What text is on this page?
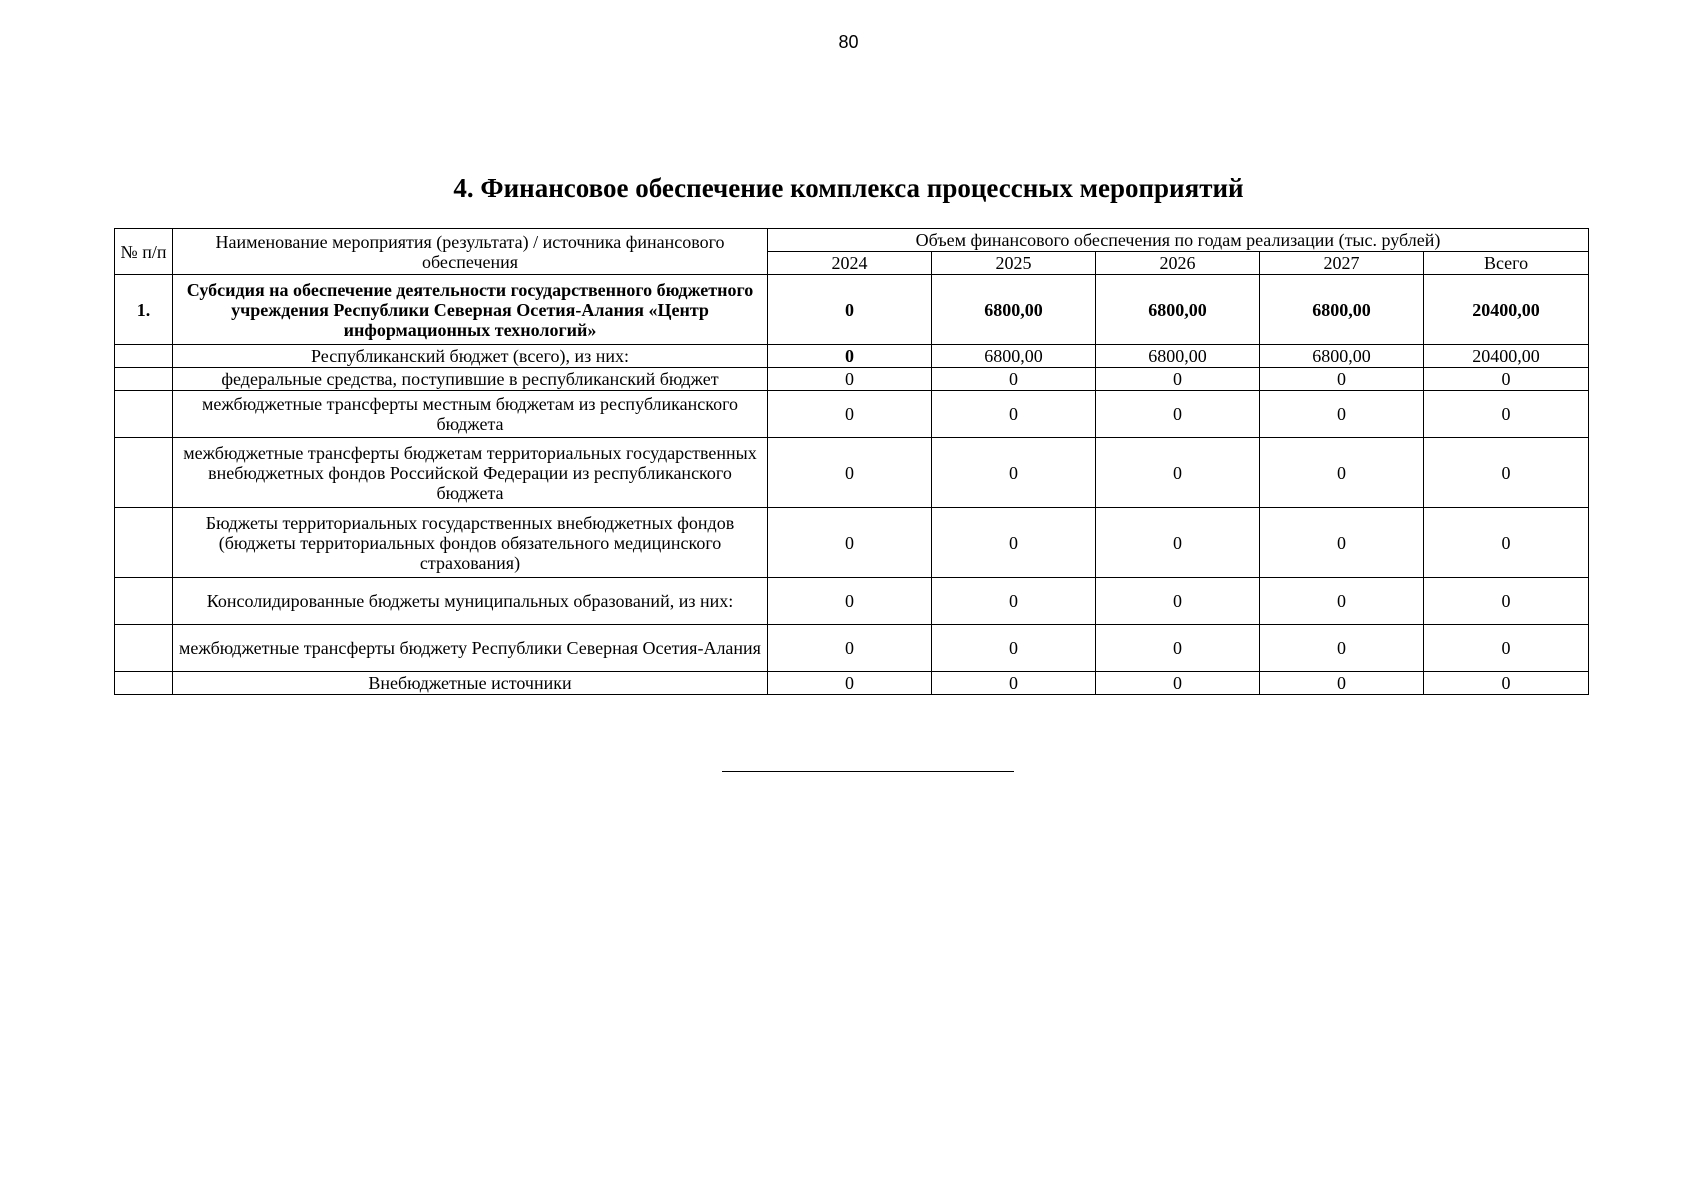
80
4. Финансовое обеспечение комплекса процессных мероприятий
№ п/п	Наименование мероприятия (результата) / источника финансового обеспечения	Объем финансового обеспечения по годам реализации (тыс. рублей)				
		2024	2025	2026	2027	Всего
1.	Субсидия на обеспечение деятельности государственного бюджетного учреждения Республики Северная Осетия-Алания «Центр информационных технологий»	0	6800,00	6800,00	6800,00	20400,00
	Республиканский бюджет (всего), из них:	0	6800,00	6800,00	6800,00	20400,00
	федеральные средства, поступившие в республиканский бюджет	0	0	0	0	0
	межбюджетные трансферты местным бюджетам из республиканского бюджета	0	0	0	0	0
	межбюджетные трансферты бюджетам территориальных государственных внебюджетных фондов Российской Федерации из республиканского бюджета	0	0	0	0	0
	Бюджеты территориальных государственных внебюджетных фондов (бюджеты территориальных фондов обязательного медицинского страхования)	0	0	0	0	0
	Консолидированные бюджеты муниципальных образований, из них:	0	0	0	0	0
	межбюджетные трансферты бюджету Республики Северная Осетия-Алания	0	0	0	0	0
	Внебюджетные источники	0	0	0	0	0
